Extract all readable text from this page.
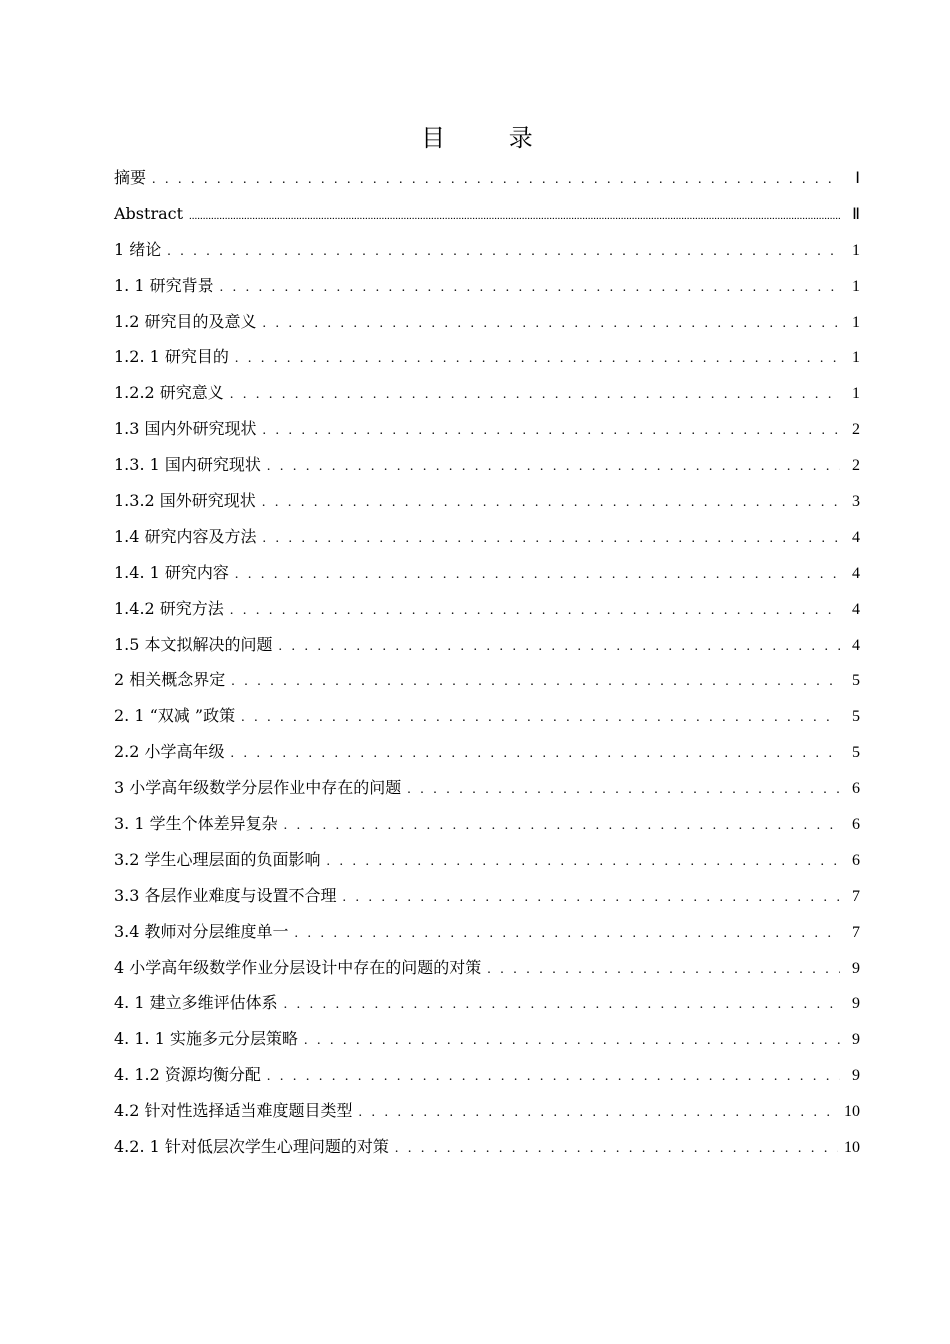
目 录
摘要 . . .	Ⅰ
Abstract .....	Ⅱ
1 绪论 . . .	1
1. 1 研究背景 . . .	1
1.2 研究目的及意义 . . .	1
1.2. 1 研究目的 . . .	1
1.2.2 研究意义 . . .	1
1.3 国内外研究现状 . . .	2
1.3. 1 国内研究现状 . . .	2
1.3.2 国外研究现状 . . .	3
1.4 研究内容及方法 . . .	4
1.4. 1 研究内容 . . .	4
1.4.2 研究方法 . . .	4
1.5 本文拟解决的问题 . . .	4
2 相关概念界定 . . .	5
2. 1 “双减 ”政策 . . .	5
2.2 小学高年级 . . .	5
3 小学高年级数学分层作业中存在的问题 . . .	6
3. 1 学生个体差异复杂 . . .	6
3.2 学生心理层面的负面影响 . . .	6
3.3 各层作业难度与设置不合理 . . .	7
3.4 教师对分层维度单一 . . .	7
4 小学高年级数学作业分层设计中存在的问题的对策 . . .	9
4. 1 建立多维评估体系 . . .	9
4. 1. 1 实施多元分层策略 . . .	9
4. 1.2 资源均衡分配 . . .	9
4.2 针对性选择适当难度题目类型 . . .	10
4.2. 1 针对低层次学生心理问题的对策 . . .	10
